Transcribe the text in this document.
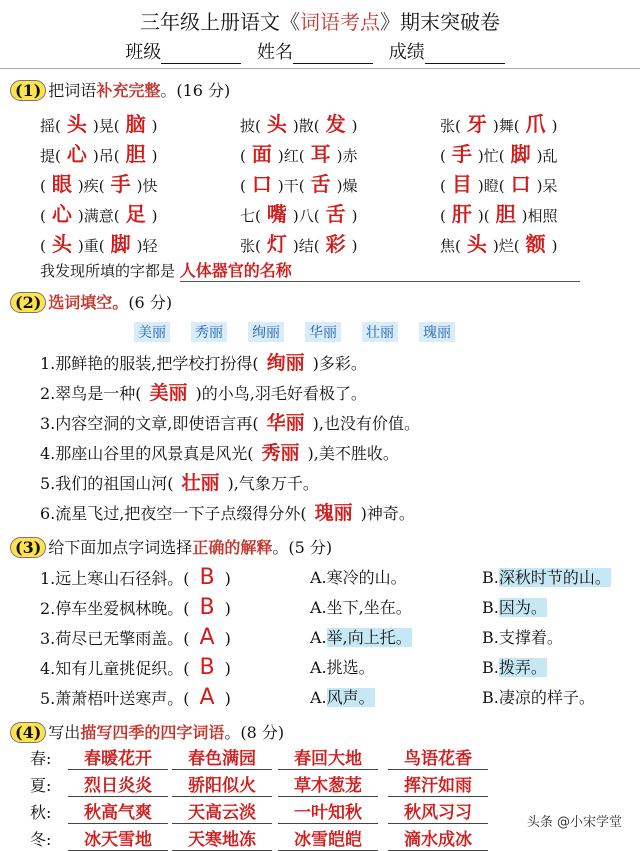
三年级上册语文《词语考点》期末突破卷
班级	姓名	成绩
(1) 把词语补充完整。(16 分)
摇( 头 )晃( 脑 )	披( 头 )散( 发 )	张( 牙 )舞( 爪 )
提( 心 )吊( 胆 )	( 面 )红( 耳 )赤	( 手 )忙( 脚 )乱
( 眼 )疾( 手 )快	( 口 )干( 舌 )燥	( 目 )瞪( 口 )呆
( 心 )满意( 足 )	七( 嘴 )八( 舌 )	( 肝 )( 胆 )相照
( 头 )重( 脚 )轻	张( 灯 )结( 彩 )	焦( 头 )烂( 额 )
我发现所填的字都是 人体器官的名称
(2) 选词填空。(6 分)
美丽 秀丽 绚丽 华丽 壮丽 瑰丽
1.那鲜艳的服装,把学校打扮得( 绚丽 )多彩。
2.翠鸟是一种( 美丽 )的小鸟,羽毛好看极了。
3.内容空洞的文章,即使语言再( 华丽 ),也没有价值。
4.那座山谷里的风景真是风光( 秀丽 ),美不胜收。
5.我们的祖国山河( 壮丽 ),气象万千。
6.流星飞过,把夜空一下子点缀得分外( 瑰丽 )神奇。
(3) 给下面加点字词选择正确的解释。(5 分)
1.远上寒山石径斜。( B )	A.寒冷的山。	B.深秋时节的山。
2.停车坐爱枫林晚。( B )	A.坐下,坐在。	B.因为。
3.荷尽已无擎雨盖。( A )	A.举,向上托。	B.支撑着。
4.知有儿童挑促织。( B )	A.挑选。	B.拨弄。
5.萧萧梧叶送寒声。( A )	A.风声。	B.凄凉的样子。
(4) 写出描写四季的四字词语。(8 分)
春:	春暖花开	春色满园	春回大地	鸟语花香
夏:	烈日炎炎	骄阳似火	草木葱茏	挥汗如雨
秋:	秋高气爽	天高云淡	一叶知秋	秋风习习
冬:	冰天雪地	天寒地冻	冰雪皑皑	滴水成冰
头条 @小宋学堂
